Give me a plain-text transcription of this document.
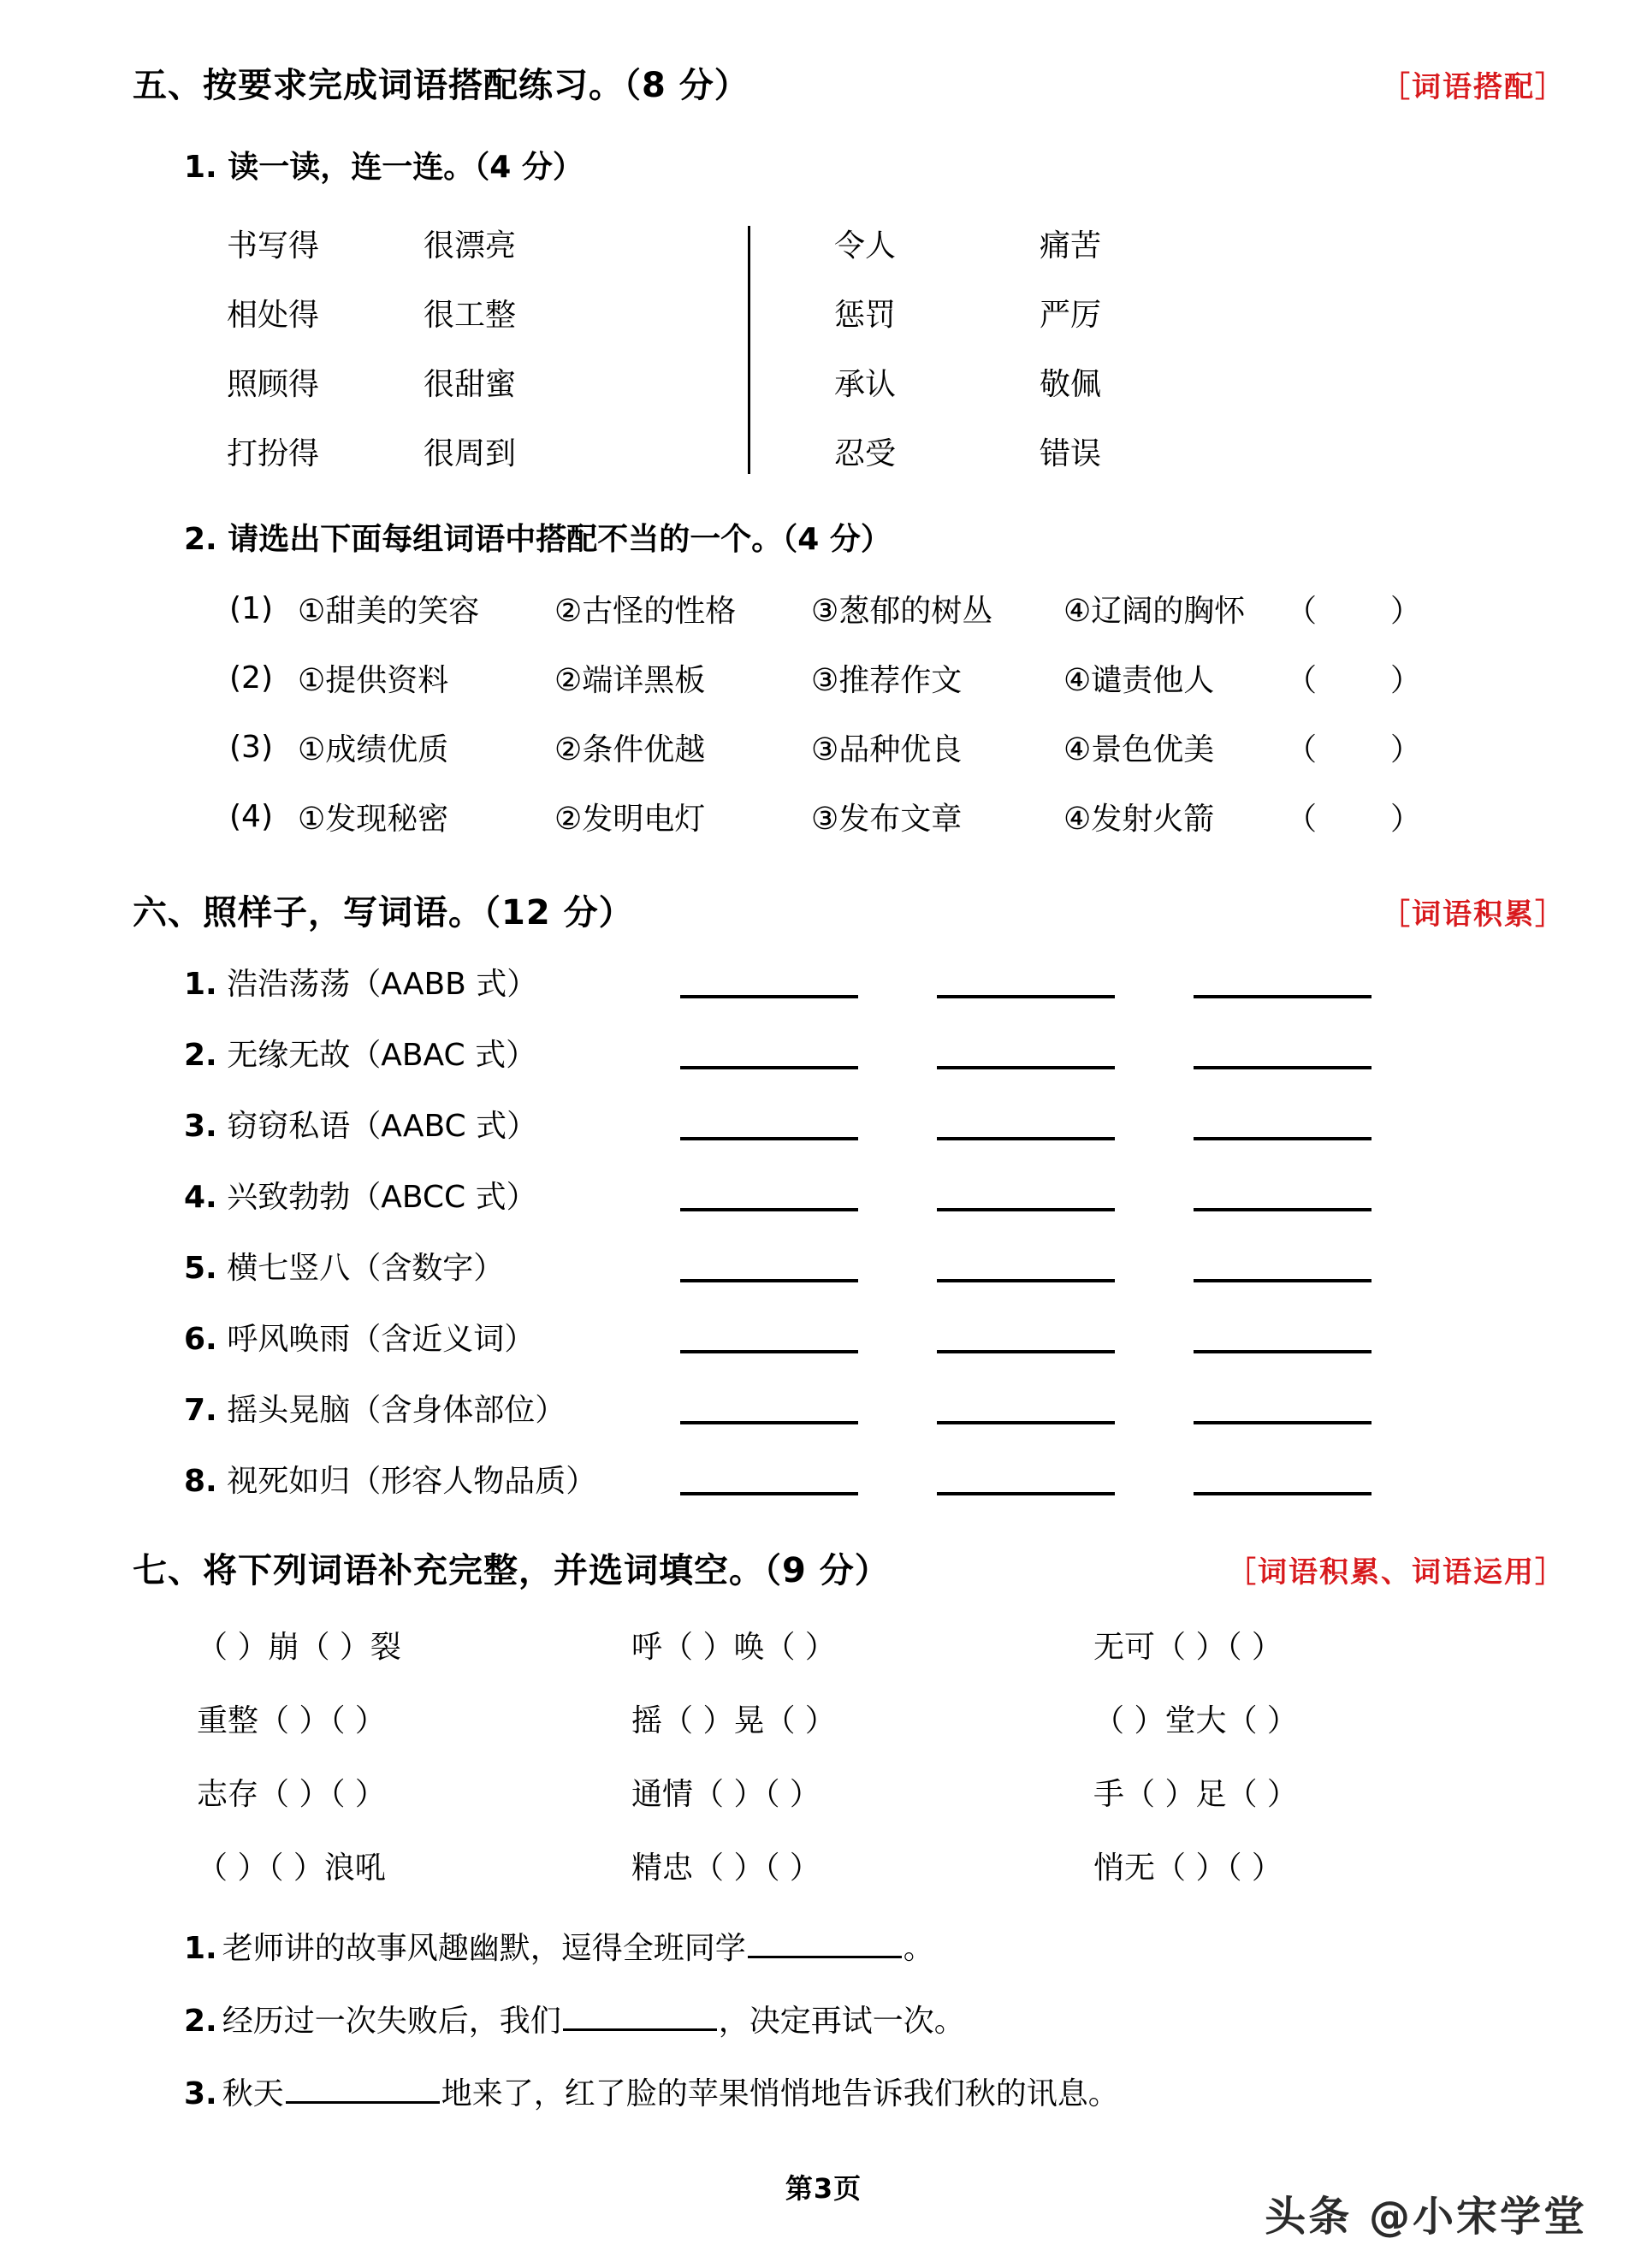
五、按要求完成词语搭配练习。（8 分）	［词语搭配］
1. 读一读，连一连。（4 分）
书写得	很漂亮	令人	痛苦
相处得	很工整	惩罚	严厉
照顾得	很甜蜜	承认	敬佩
打扮得	很周到	忍受	错误
2. 请选出下面每组词语中搭配不当的一个。（4 分）
(1) ①甜美的笑容	②古怪的性格	③葱郁的树丛	④辽阔的胸怀	（ ）
(2) ①提供资料	②端详黑板	③推荐作文	④谴责他人	（ ）
(3) ①成绩优质	②条件优越	③品种优良	④景色优美	（ ）
(4) ①发现秘密	②发明电灯	③发布文章	④发射火箭	（ ）
六、照样子，写词语。（12 分）	［词语积累］
1. 浩浩荡荡（AABB 式）
2. 无缘无故（ABAC 式）
3. 窃窃私语（AABC 式）
4. 兴致勃勃（ABCC 式）
5. 横七竖八（含数字）
6. 呼风唤雨（含近义词）
7. 摇头晃脑（含身体部位）
8. 视死如归（形容人物品质）
七、将下列词语补充完整，并选词填空。（9 分）	［词语积累、词语运用］
（ ）崩（ ）裂	呼（ ）唤（ ）	无可（ ）（ ）
重整（ ）（ ）	摇（ ）晃（ ）	（ ）堂大（ ）
志存（ ）（ ）	通情（ ）（ ）	手（ ）足（ ）
（ ）（ ）浪吼	精忠（ ）（ ）	悄无（ ）（ ）
1. 老师讲的故事风趣幽默，逗得全班同学	。
2. 经历过一次失败后，我们	，决定再试一次。
3. 秋天	地来了，红了脸的苹果悄悄地告诉我们秋的讯息。
第3页
头条 @小宋学堂
